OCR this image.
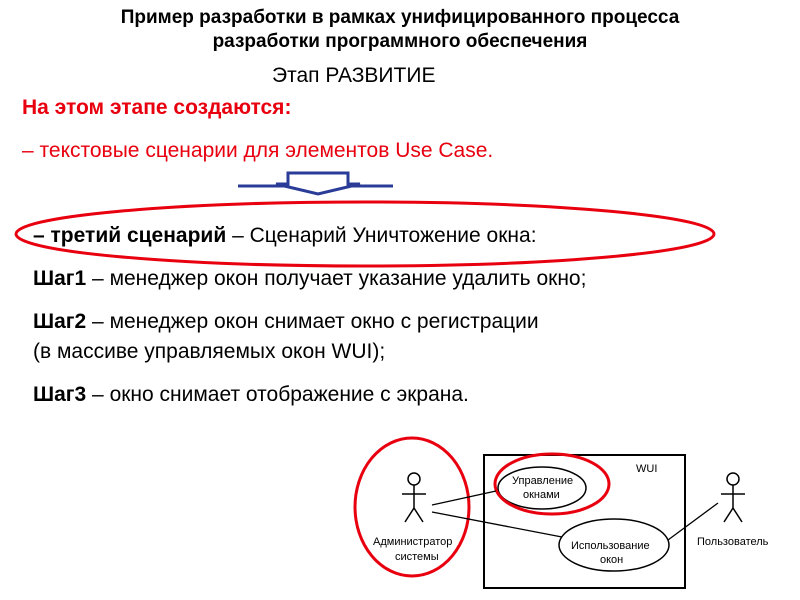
Пример разработки в рамках унифицированного процесса
разработки программного обеспечения
Этап РАЗВИТИЕ
На этом этапе создаются:
– текстовые сценарии для элементов Use Case.
– третий сценарий – Сценарий Уничтожение окна:
Шаг1 – менеджер окон получает указание удалить окно;
Шаг2 – менеджер окон снимает окно с регистрации
(в массиве управляемых окон WUI);
Шаг3 – окно снимает отображение с экрана.
WUI
Администратор
системы
Управление
окнами
Использование
окон
Пользователь
